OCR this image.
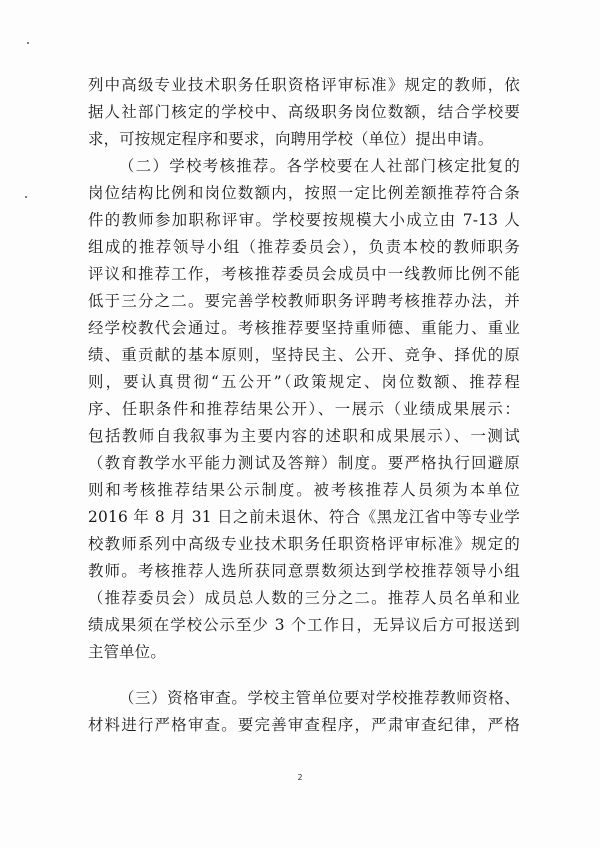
列中高级专业技术职务任职资格评审标准》规定的教师，依
据人社部门核定的学校中、高级职务岗位数额，结合学校要
求，可按规定程序和要求，向聘用学校（单位）提出申请。
（二）学校考核推荐。各学校要在人社部门核定批复的
岗位结构比例和岗位数额内，按照一定比例差额推荐符合条
件的教师参加职称评审。学校要按规模大小成立由 7-13 人
组成的推荐领导小组（推荐委员会），负责本校的教师职务
评议和推荐工作，考核推荐委员会成员中一线教师比例不能
低于三分之二。要完善学校教师职务评聘考核推荐办法，并
经学校教代会通过。考核推荐要坚持重师德、重能力、重业
绩、重贡献的基本原则，坚持民主、公开、竞争、择优的原
则，要认真贯彻“五公开”（政策规定、岗位数额、推荐程
序、任职条件和推荐结果公开）、一展示（业绩成果展示：
包括教师自我叙事为主要内容的述职和成果展示）、一测试
（教育教学水平能力测试及答辩）制度。要严格执行回避原
则和考核推荐结果公示制度。被考核推荐人员须为本单位
2016 年 8 月 31 日之前未退休、符合《黑龙江省中等专业学
校教师系列中高级专业技术职务任职资格评审标准》规定的
教师。考核推荐人选所获同意票数须达到学校推荐领导小组
（推荐委员会）成员总人数的三分之二。推荐人员名单和业
绩成果须在学校公示至少 3 个工作日，无异议后方可报送到
主管单位。
（三）资格审查。学校主管单位要对学校推荐教师资格、
材料进行严格审查。要完善审查程序，严肃审查纪律，严格
2
